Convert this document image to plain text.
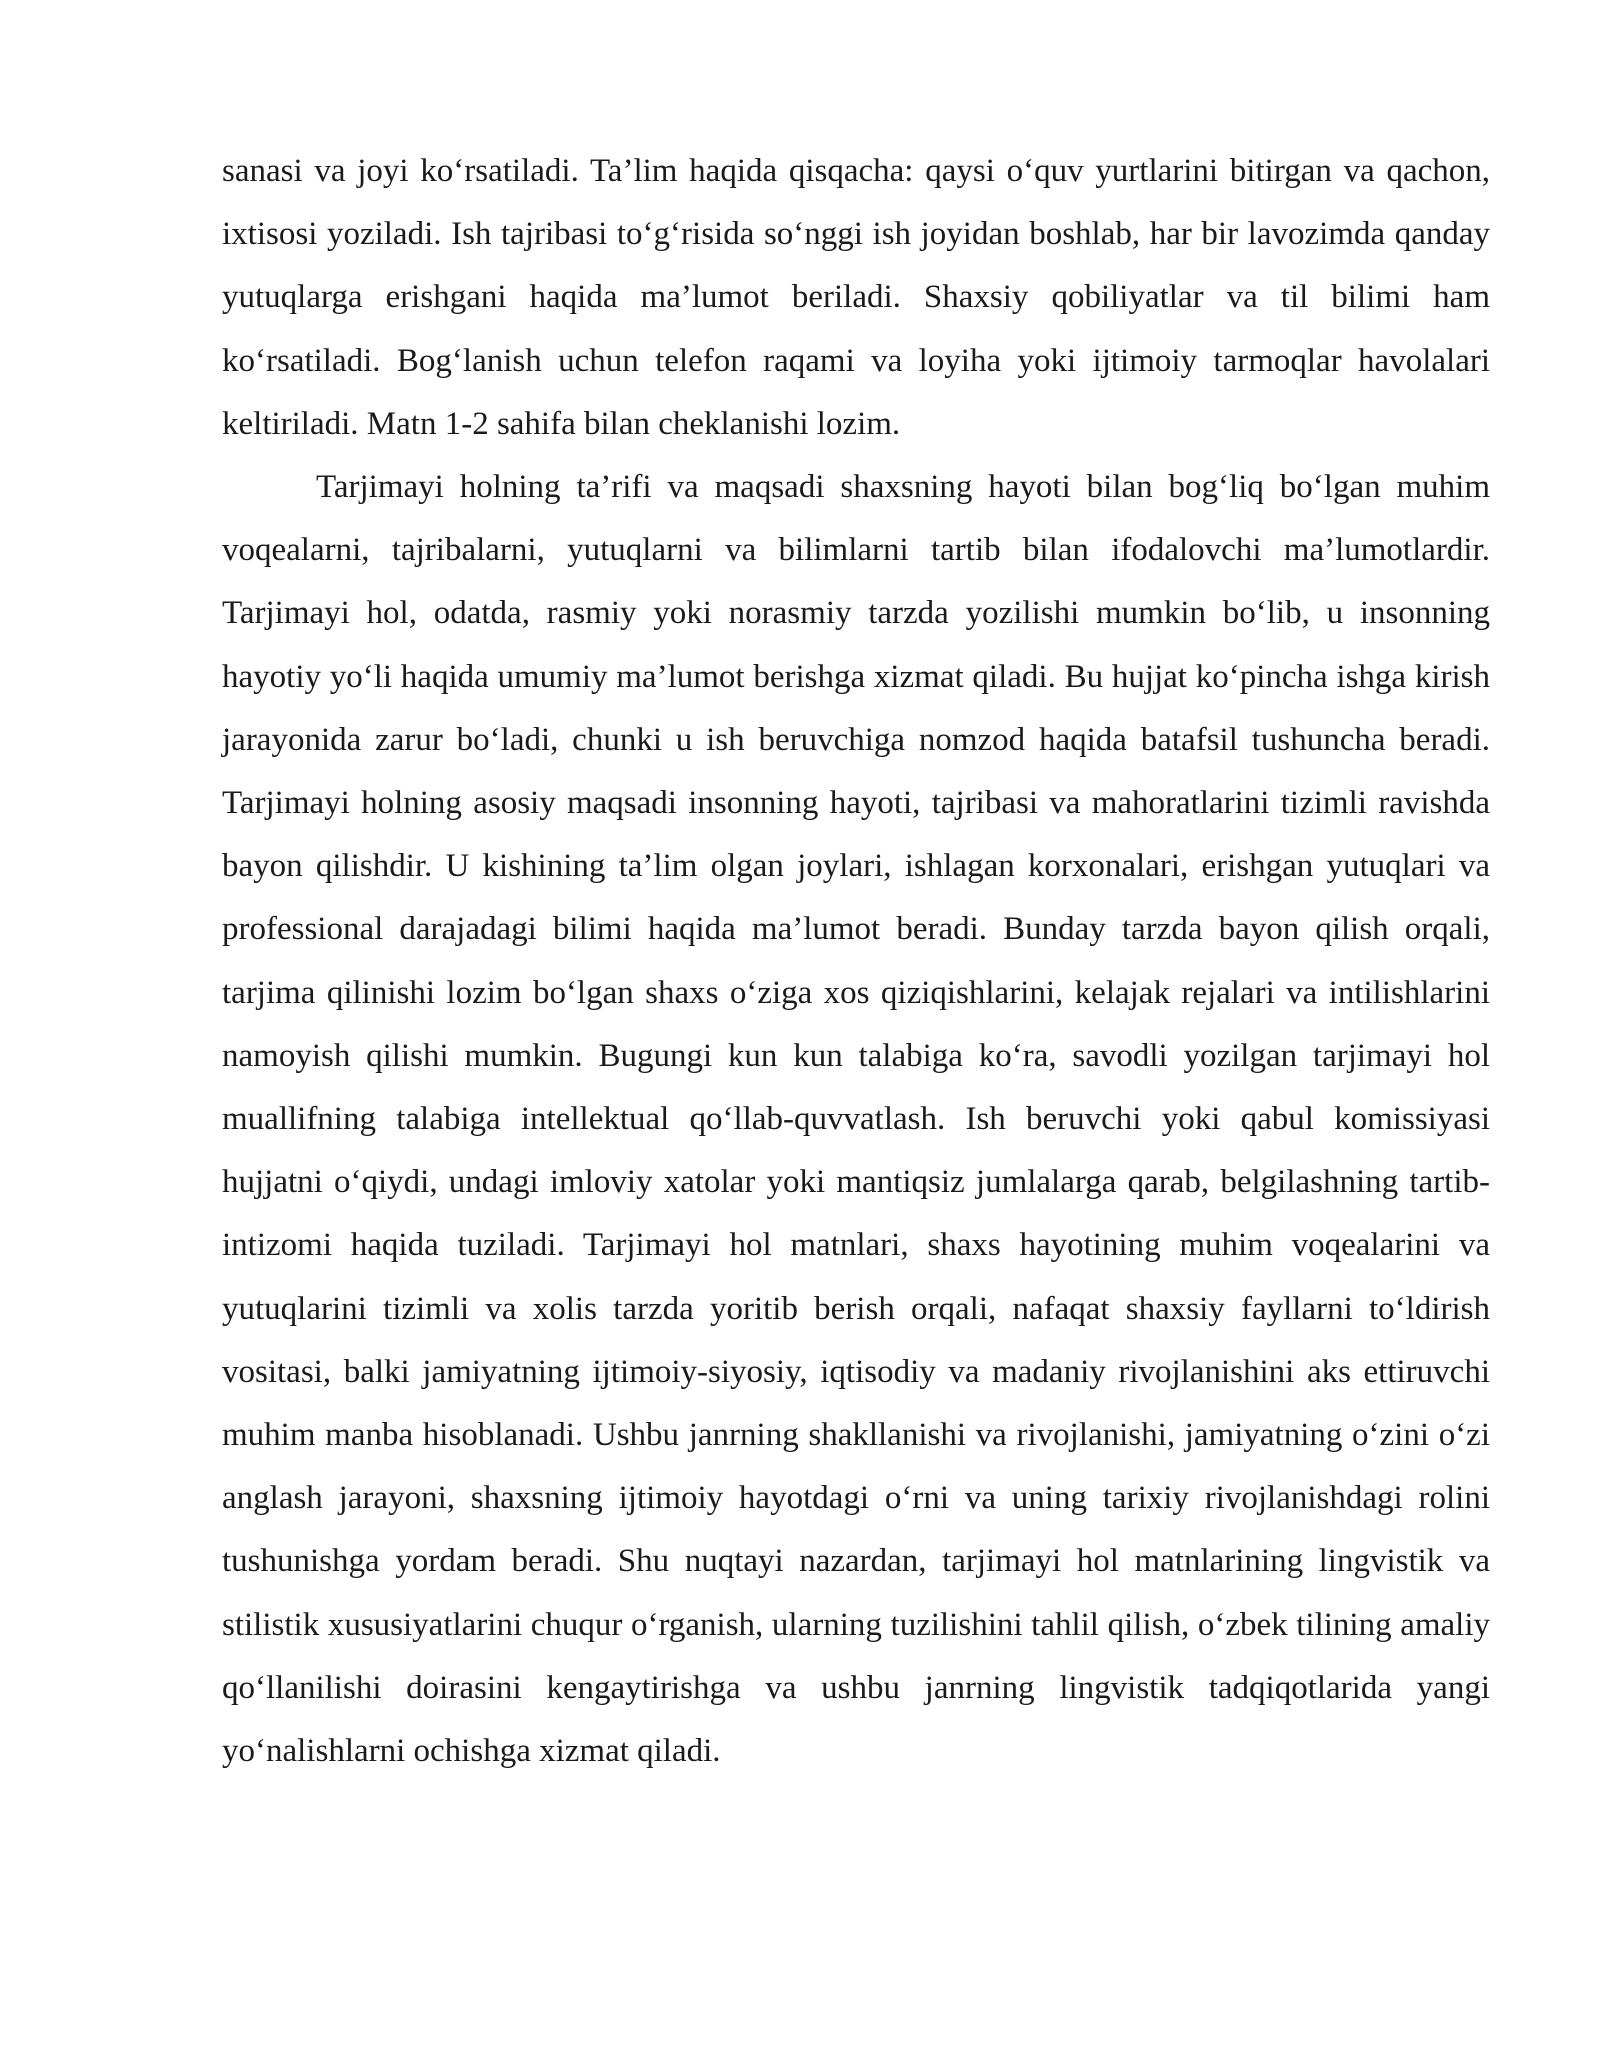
sanasi va joyi ko‘rsatiladi. Ta’lim haqida qisqacha: qaysi o‘quv yurtlarini bitirgan va qachon, ixtisosi yoziladi. Ish tajribasi to‘g‘risida so‘nggi ish joyidan boshlab, har bir lavozimda qanday yutuqlarga erishgani haqida ma’lumot beriladi. Shaxsiy qobiliyatlar va til bilimi ham ko‘rsatiladi. Bog‘lanish uchun telefon raqami va loyiha yoki ijtimoiy tarmoqlar havolalari keltiriladi. Matn 1-2 sahifa bilan cheklanishi lozim.

Tarjimayi holning ta’rifi va maqsadi shaxsning hayoti bilan bog‘liq bo‘lgan muhim voqealarni, tajribalarni, yutuqlarni va bilimlarni tartib bilan ifodalovchi ma’lumotlardir. Tarjimayi hol, odatda, rasmiy yoki norasmiy tarzda yozilishi mumkin bo‘lib, u insonning hayotiy yo‘li haqida umumiy ma’lumot berishga xizmat qiladi. Bu hujjat ko‘pincha ishga kirish jarayonida zarur bo‘ladi, chunki u ish beruvchiga nomzod haqida batafsil tushuncha beradi. Tarjimayi holning asosiy maqsadi insonning hayoti, tajribasi va mahoratlarini tizimli ravishda bayon qilishdir. U kishining ta’lim olgan joylari, ishlagan korxonalari, erishgan yutuqlari va professional darajadagi bilimi haqida ma’lumot beradi. Bunday tarzda bayon qilish orqali, tarjima qilinishi lozim bo‘lgan shaxs o‘ziga xos qiziqishlarini, kelajak rejalari va intilishlarini namoyish qilishi mumkin. Bugungi kun kun talabiga ko‘ra, savodli yozilgan tarjimayi hol muallifning talabiga intellektual qo‘llab-quvvatlash. Ish beruvchi yoki qabul komissiyasi hujjatni o‘qiydi, undagi imloviy xatolar yoki mantiqsiz jumlalarga qarab, belgilashning tartib-intizomi haqida tuziladi. Tarjimayi hol matnlari, shaxs hayotining muhim voqealarini va yutuqlarini tizimli va xolis tarzda yoritib berish orqali, nafaqat shaxsiy fayllarni to‘ldirish vositasi, balki jamiyatning ijtimoiy-siyosiy, iqtisodiy va madaniy rivojlanishini aks ettiruvchi muhim manba hisoblanadi. Ushbu janrning shakllanishi va rivojlanishi, jamiyatning o‘zini o‘zi anglash jarayoni, shaxsning ijtimoiy hayotdagi o‘rni va uning tarixiy rivojlanishdagi rolini tushunishga yordam beradi. Shu nuqtayi nazardan, tarjimayi hol matnlarining lingvistik va stilistik xususiyatlarini chuqur o‘rganish, ularning tuzilishini tahlil qilish, o‘zbek tilining amaliy qo‘llanilishi doirasini kengaytirishga va ushbu janrning lingvistik tadqiqotlarida yangi yo‘nalishlarni ochishga xizmat qiladi.
